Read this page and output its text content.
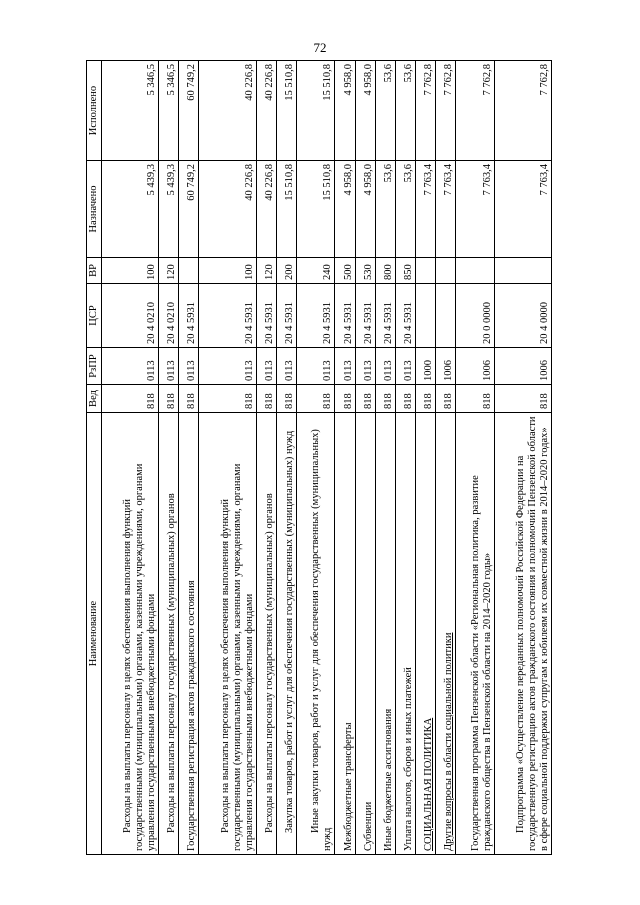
72
Наименование	Вед	РзПР	ЦСР	ВР	Назначено	Исполнено
Расходы на выплаты персоналу в целях обеспечения выполнения функций государственными (муниципальными) органами, казенными учреждениями, органами управления государственными внебюджетными фондами	818	0113	20 4 0210	100	5 439,3	5 346,5
Расходы на выплаты персоналу государственных (муниципальных) органов	818	0113	20 4 0210	120	5 439,3	5 346,5
Государственная регистрация актов гражданского состояния	818	0113	20 4 5931		60 749,2	60 749,2
Расходы на выплаты персоналу в целях обеспечения выполнения функций государственными (муниципальными) органами, казенными учреждениями, органами управления государственными внебюджетными фондами	818	0113	20 4 5931	100	40 226,8	40 226,8
Расходы на выплаты персоналу государственных (муниципальных) органов	818	0113	20 4 5931	120	40 226,8	40 226,8
Закупка товаров, работ и услуг для обеспечения государственных (муниципальных) нужд	818	0113	20 4 5931	200	15 510,8	15 510,8
Иные закупки товаров, работ и услуг для обеспечения государственных (муниципальных) нужд	818	0113	20 4 5931	240	15 510,8	15 510,8
Межбюджетные трансферты	818	0113	20 4 5931	500	4 958,0	4 958,0
Субвенции	818	0113	20 4 5931	530	4 958,0	4 958,0
Иные бюджетные ассигнования	818	0113	20 4 5931	800	53,6	53,6
Уплата налогов, сборов и иных платежей	818	0113	20 4 5931	850	53,6	53,6
СОЦИАЛЬНАЯ ПОЛИТИКА	818	1000			7 763,4	7 762,8
Другие вопросы в области социальной политики	818	1006			7 763,4	7 762,8
Государственная программа Пензенской области «Региональная политика, развитие гражданского общества в Пензенской области на 2014–2020 годы»	818	1006	20 0 0000		7 763,4	7 762,8
Подпрограмма «Осуществление переданных полномочий Российской Федерации на государственную регистрацию актов гражданского состояния и полномочий Пензенской области в сфере социальной поддержки супругам к юбилеям их совместной жизни в 2014–2020 годах»	818	1006	20 4 0000		7 763,4	7 762,8
